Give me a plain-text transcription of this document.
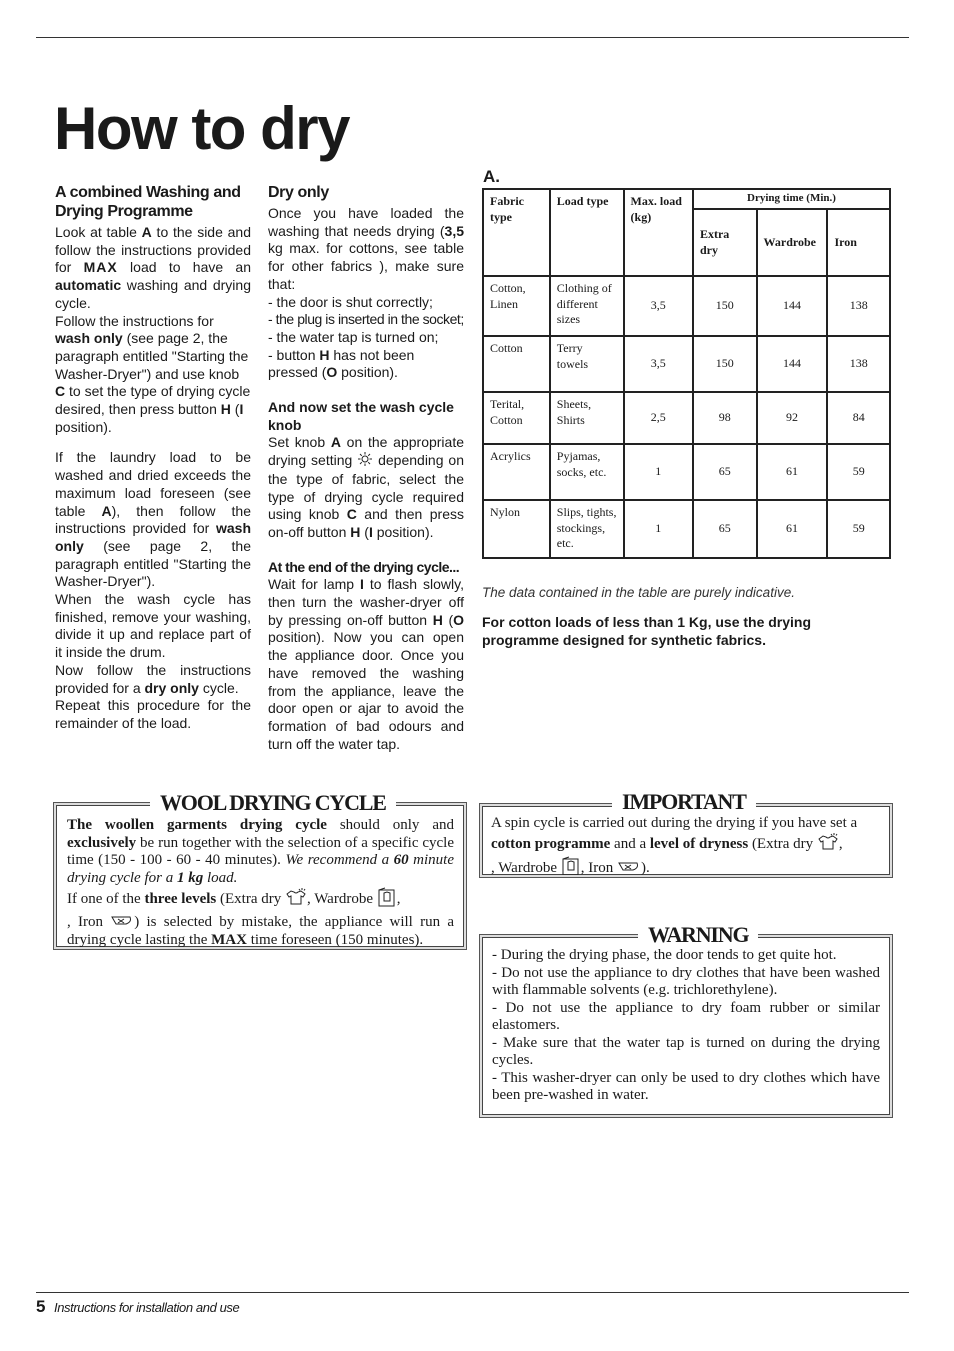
How to dry
A combined Washing and Drying Programme

Look at table A to the side and follow the instructions provided for MAX load to have an automatic washing and drying cycle.

Follow the instructions for wash only (see page 2, the paragraph entitled "Starting the Washer-Dryer") and use knob C to set the type of drying cycle desired, then press button H (I position).

If the laundry load to be washed and dried exceeds the maximum load foreseen (see table A), then follow the instructions provided for wash only (see page 2, the paragraph entitled "Starting the Washer-Dryer").

When the wash cycle has finished, remove your washing, divide it up and replace part of it inside the drum.

Now follow the instructions provided for a dry only cycle.

Repeat this procedure for the remainder of the load.

Dry only

Once you have loaded the washing that needs drying (3,5 kg max. for cottons, see table for other fabrics ), make sure that:

- the door is shut correctly;

- the plug is inserted in the socket;

- the water tap is turned on;

- button H has not been pressed (O position).

And now set the wash cycle knob

Set knob A on the appropriate drying setting  depending on the type of fabric, select the type of drying cycle required using knob C and then press on-off button H (I position).

At the end of the drying cycle...

Wait for lamp I to flash slowly, then turn the washer-dryer off by pressing on-off button H (O position). Now you can open the appliance door. Once you have removed the washing from the appliance, leave the door open or ajar to avoid the formation of bad odours and turn off the water tap.

A.
Fabric type	Load type	Max. load (kg)	Drying time (Min.)		
			Extra dry	Wardrobe	Iron
Cotton, Linen	Clothing of different sizes	3,5	150	144	138
Cotton	Terry towels	3,5	150	144	138
Terital, Cotton	Sheets, Shirts	2,5	98	92	84
Acrylics	Pyjamas, socks, etc.	1	65	61	59
Nylon	Slips, tights, stockings, etc.	1	65	61	59
The data contained in the table are purely indicative.
For cotton loads of less than 1 Kg, use the drying programme designed for synthetic fabrics.
The woollen garments drying cycle should only and exclusively be run together with the selection of a specific cycle time (150 - 100 - 60 - 40 minutes). We recommend a 60 minute drying cycle for a 1 kg load.
If one of the three levels (Extra dry , Wardrobe ,
, Iron ) is selected by mistake, the appliance will run a drying cycle lasting the MAX time foreseen (150 minutes).
WOOL DRYING CYCLE
A spin cycle is carried out during the drying if you have set a cotton programme and a level of dryness (Extra dry ,
, Wardrobe , Iron ).
IMPORTANT
- During the drying phase, the door tends to get quite hot.
- Do not use the appliance to dry clothes that have been washed with flammable solvents (e.g. trichlorethylene).
- Do not use the appliance to dry foam rubber or similar elastomers.
- Make sure that the water tap is turned on during the drying cycles.
- This washer-dryer can only be used to dry clothes which have been pre-washed in water.
WARNING
5 Instructions for installation and use
